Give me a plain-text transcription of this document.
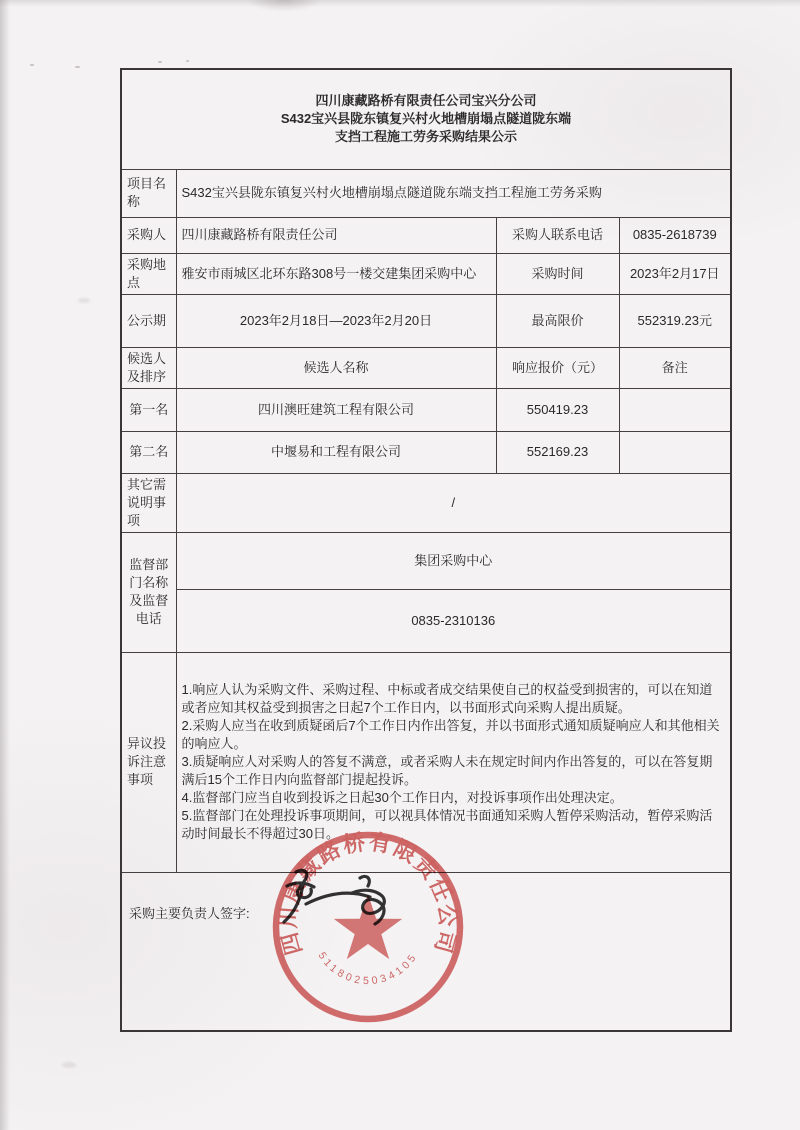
四川康藏路桥有限责任公司宝兴分公司
S432宝兴县陇东镇复兴村火地槽崩塌点隧道陇东端
支挡工程施工劳务采购结果公示			

项目名称	S432宝兴县陇东镇复兴村火地槽崩塌点隧道陇东端支挡工程施工劳务采购		
采购人	四川康藏路桥有限责任公司	采购人联系电话	0835-2618739
采购地点	雅安市雨城区北环东路308号一楼交建集团采购中心	采购时间	2023年2月17日
公示期	2023年2月18日—2023年2月20日	最高限价	552319.23元
候选人及排序	候选人名称	响应报价（元）	备注
第一名	四川澳旺建筑工程有限公司	550419.23	
第二名	中堰易和工程有限公司	552169.23	
其它需说明事项	/		
监督部门名称及监督电话	集团采购中心		
	0835-2310136		
异议投诉注意事项	1.响应人认为采购文件、采购过程、中标或者成交结果使自己的权益受到损害的，可以在知道或者应知其权益受到损害之日起7个工作日内，以书面形式向采购人提出质疑。

2.采购人应当在收到质疑函后7个工作日内作出答复，并以书面形式通知质疑响应人和其他相关的响应人。

3.质疑响应人对采购人的答复不满意，或者采购人未在规定时间内作出答复的，可以在答复期满后15个工作日内向监督部门提起投诉。

4.监督部门应当自收到投诉之日起30个工作日内，对投诉事项作出处理决定。

5.监督部门在处理投诉事项期间，可以视具体情况书面通知采购人暂停采购活动，暂停采购活动时间最长不得超过30日。		

采购主要负责人签字:			
四川康藏路桥有限责任公司
5118025034105
